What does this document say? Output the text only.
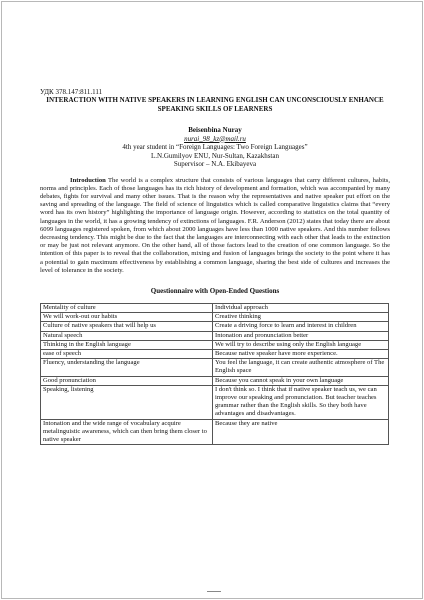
УДК 378.147:811.111
INTERACTION WITH NATIVE SPEAKERS IN LEARNING ENGLISH CAN UNCONSCIOUSLY ENHANCE SPEAKING SKILLS OF LEARNERS
Beisenbina Nuray
nurai_98_kz@mail.ru
4th year student in “Foreign Languages: Two Foreign Languages”
L.N.Gumilyov ENU, Nur-Sultan, Kazakhstan
Supervisor – N.A. Ekibayeva
Introduction The world is a complex structure that consists of various languages that carry different cultures, habits, norms and principles. Each of those languages has its rich history of development and formation, which was accompanied by many debates, fights for survival and many other issues. That is the reason why the representatives and native speaker put effort on the saving and spreading of the language. The field of science of linguistics which is called comparative linguistics claims that “every word has its own history” highlighting the importance of language origin. However, according to statistics on the total quantity of languages in the world, it has a growing tendency of extinctions of languages. F.R. Anderson (2012) states that today there are about 6099 languages registered spoken, from which about 2000 languages have less than 1000 native speakers. And this number follows decreasing tendency. This might be due to the fact that the languages are interconnecting with each other that leads to the extinction or may be just not relevant anymore. On the other hand, all of those factors lead to the creation of one common language. So the intention of this paper is to reveal that the collaboration, mixing and fusion of languages brings the society to the point where it has a potential to gain maximum effectiveness by establishing a common language, sharing the best side of cultures and increases the level of tolerance in the society.
Questionnaire with Open-Ended Questions
Mentality of culture	Individual approach
We will work-out our habits	Creative thinking
Culture of native speakers that will help us	Create a driving force to learn and interest in children
Natural speech	Intonation and pronunciation better
Thinking in the English language	We will try to describe using only the English language
ease of speech	Because native speaker have more experience.
Fluency, understanding the language	You feel the language, it can create authentic atmosphere of The English space
Good pronunciation	Because you cannot speak in your own language
Speaking, listening	I don't think so. I think that if native speaker teach us, we can improve our speaking and pronunciation. But teacher teaches grammar rather than the English skills. So they both have advantages and disadvantages.
Intonation and the wide range of vocabulary acquire metalinguistic awareness, which can then bring them closer to native speaker	Because they are native
